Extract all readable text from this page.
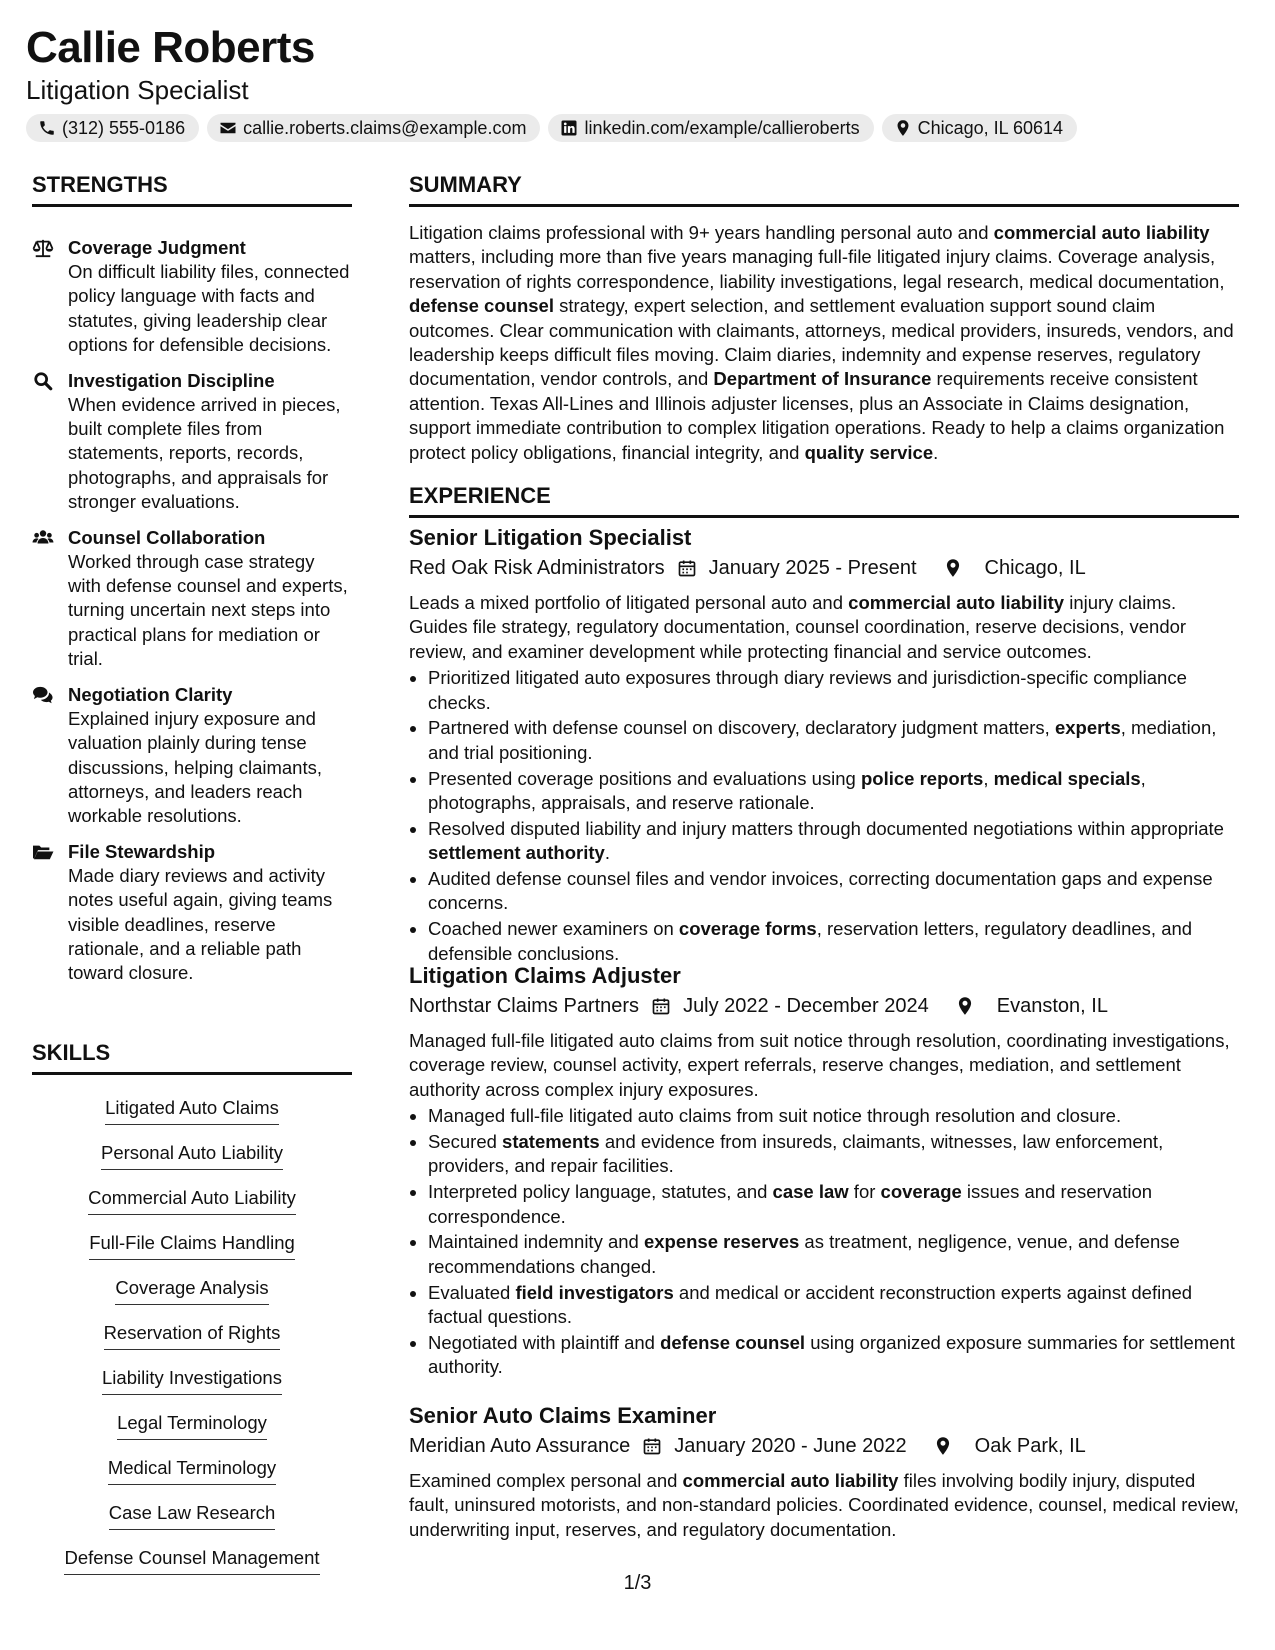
Callie Roberts
Litigation Specialist
(312) 555-0186	callie.roberts.claims@example.com	linkedin.com/example/callieroberts	Chicago, IL 60614
STRENGTHS
Coverage Judgment
On difficult liability files, connected policy language with facts and statutes, giving leadership clear options for defensible decisions.
Investigation Discipline
When evidence arrived in pieces, built complete files from statements, reports, records, photographs, and appraisals for stronger evaluations.
Counsel Collaboration
Worked through case strategy with defense counsel and experts, turning uncertain next steps into practical plans for mediation or trial.
Negotiation Clarity
Explained injury exposure and valuation plainly during tense discussions, helping claimants, attorneys, and leaders reach workable resolutions.
File Stewardship
Made diary reviews and activity notes useful again, giving teams visible deadlines, reserve rationale, and a reliable path toward closure.
SKILLS
Litigated Auto Claims
Personal Auto Liability
Commercial Auto Liability
Full-File Claims Handling
Coverage Analysis
Reservation of Rights
Liability Investigations
Legal Terminology
Medical Terminology
Case Law Research
Defense Counsel Management
SUMMARY

Litigation claims professional with 9+ years handling personal auto and commercial auto liability matters, including more than five years managing full-file litigated injury claims. Coverage analysis, reservation of rights correspondence, liability investigations, legal research, medical documentation, defense counsel strategy, expert selection, and settlement evaluation support sound claim outcomes. Clear communication with claimants, attorneys, medical providers, insureds, vendors, and leadership keeps difficult files moving. Claim diaries, indemnity and expense reserves, regulatory documentation, vendor controls, and Department of Insurance requirements receive consistent attention. Texas All-Lines and Illinois adjuster licenses, plus an Associate in Claims designation, support immediate contribution to complex litigation operations. Ready to help a claims organization protect policy obligations, financial integrity, and quality service.

EXPERIENCE
Senior Litigation Specialist
Red Oak Risk Administrators January 2025 - Present	Chicago, IL

Leads a mixed portfolio of litigated personal auto and commercial auto liability injury claims. Guides file strategy, regulatory documentation, counsel coordination, reserve decisions, vendor review, and examiner development while protecting financial and service outcomes.

• Prioritized litigated auto exposures through diary reviews and jurisdiction-specific compliance checks.
• Partnered with defense counsel on discovery, declaratory judgment matters, experts, mediation, and trial positioning.
• Presented coverage positions and evaluations using police reports, medical specials, photographs, appraisals, and reserve rationale.
• Resolved disputed liability and injury matters through documented negotiations within appropriate settlement authority.
• Audited defense counsel files and vendor invoices, correcting documentation gaps and expense concerns.
• Coached newer examiners on coverage forms, reservation letters, regulatory deadlines, and defensible conclusions.
Litigation Claims Adjuster
Northstar Claims Partners July 2022 - December 2024	Evanston, IL

Managed full-file litigated auto claims from suit notice through resolution, coordinating investigations, coverage review, counsel activity, expert referrals, reserve changes, mediation, and settlement authority across complex injury exposures.

• Managed full-file litigated auto claims from suit notice through resolution and closure.
• Secured statements and evidence from insureds, claimants, witnesses, law enforcement, providers, and repair facilities.
• Interpreted policy language, statutes, and case law for coverage issues and reservation correspondence.
• Maintained indemnity and expense reserves as treatment, negligence, venue, and defense recommendations changed.
• Evaluated field investigators and medical or accident reconstruction experts against defined factual questions.
• Negotiated with plaintiff and defense counsel using organized exposure summaries for settlement authority.
Senior Auto Claims Examiner
Meridian Auto Assurance January 2020 - June 2022	Oak Park, IL

Examined complex personal and commercial auto liability files involving bodily injury, disputed fault, uninsured motorists, and non-standard policies. Coordinated evidence, counsel, medical review, underwriting input, reserves, and regulatory documentation.

1/3
